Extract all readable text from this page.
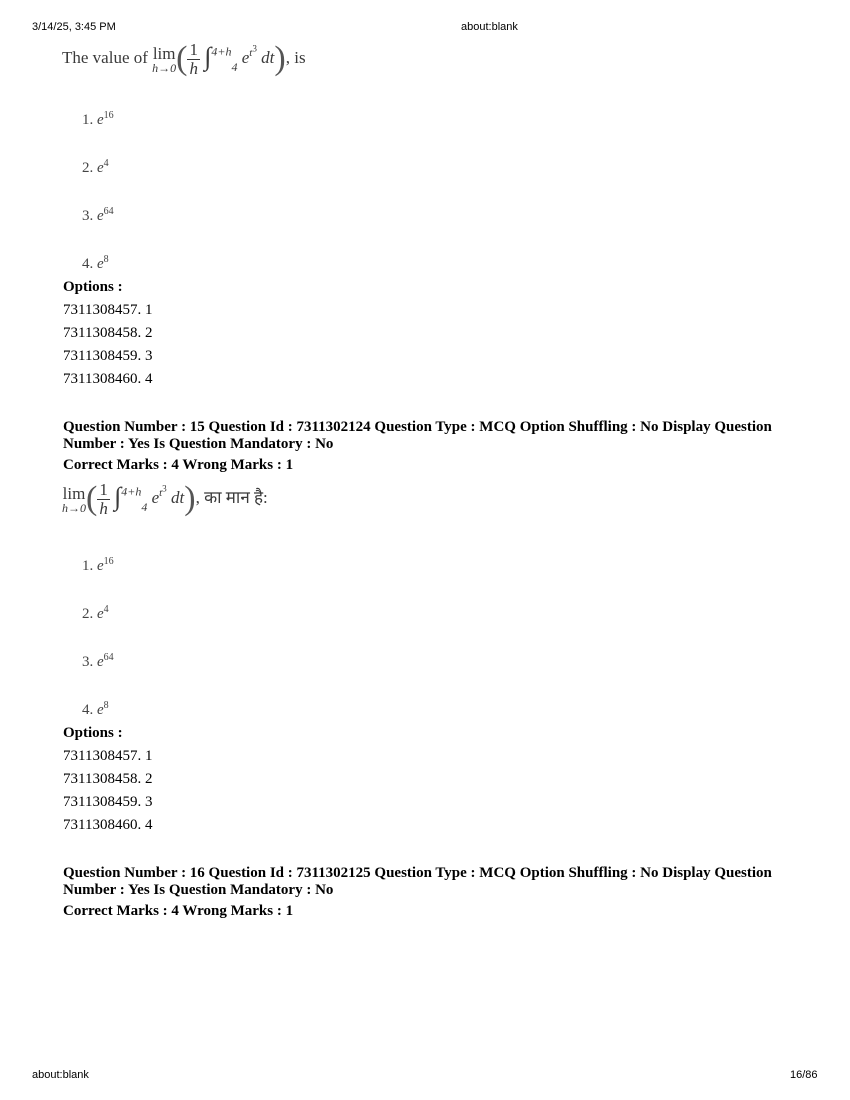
3/14/25, 3:45 PM	about:blank
The value of lim
h→0 ( $\frac{1}{h} \int^{4+h}_4$ $e^{t^3}$ dt), is
1. $e^{16}$
2. $e^4$
3. $e^{64}$
4. $e^8$
Options :
7311308457. 1
7311308458. 2
7311308459. 3
7311308460. 4
Question Number : 15 Question Id : 7311302124 Question Type : MCQ Option Shuffling : No Display Question Number : Yes Is Question Mandatory : No
Correct Marks : 4 Wrong Marks : 1
lim
h→0 ( $\frac{1}{h} \int^{4+h}_4$ $e^{t^3}$ dt), का मान है:
1. $e^{16}$
2. $e^4$
3. $e^{64}$
4. $e^8$
Options :
7311308457. 1
7311308458. 2
7311308459. 3
7311308460. 4
Question Number : 16 Question Id : 7311302125 Question Type : MCQ Option Shuffling : No Display Question Number : Yes Is Question Mandatory : No
Correct Marks : 4 Wrong Marks : 1
about:blank	16/86
